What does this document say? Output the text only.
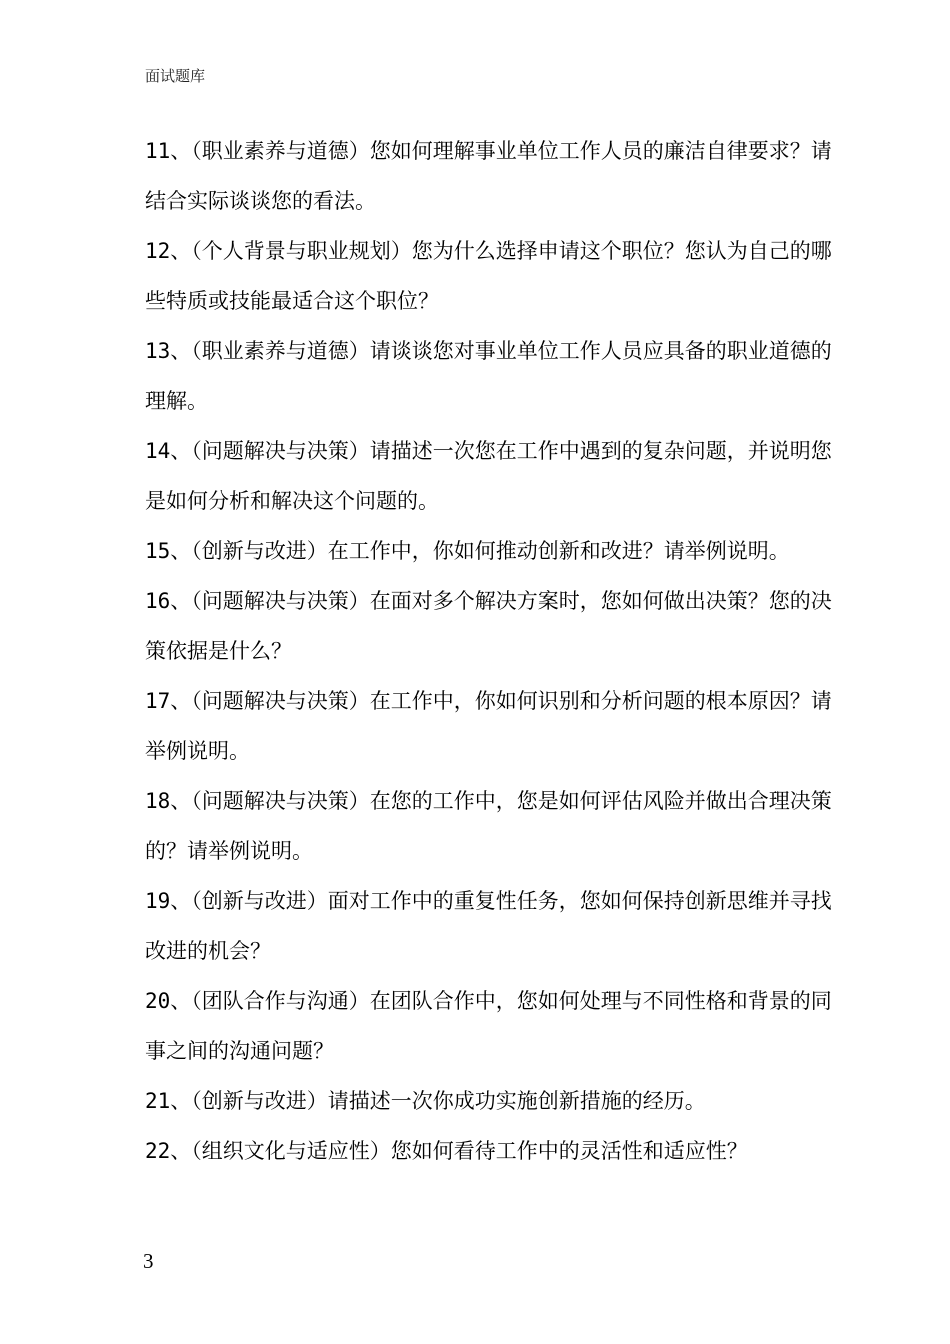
面试题库

11、（职业素养与道德）您如何理解事业单位工作人员的廉洁自律要求？请结合实际谈谈您的看法。

12、（个人背景与职业规划）您为什么选择申请这个职位？您认为自己的哪些特质或技能最适合这个职位？

13、（职业素养与道德）请谈谈您对事业单位工作人员应具备的职业道德的理解。

14、（问题解决与决策）请描述一次您在工作中遇到的复杂问题，并说明您是如何分析和解决这个问题的。

15、（创新与改进）在工作中，你如何推动创新和改进？请举例说明。

16、（问题解决与决策）在面对多个解决方案时，您如何做出决策？您的决策依据是什么？

17、（问题解决与决策）在工作中，你如何识别和分析问题的根本原因？请举例说明。

18、（问题解决与决策）在您的工作中，您是如何评估风险并做出合理决策的？请举例说明。

19、（创新与改进）面对工作中的重复性任务，您如何保持创新思维并寻找改进的机会？

20、（团队合作与沟通）在团队合作中，您如何处理与不同性格和背景的同事之间的沟通问题？

21、（创新与改进）请描述一次你成功实施创新措施的经历。

22、（组织文化与适应性）您如何看待工作中的灵活性和适应性？

3
